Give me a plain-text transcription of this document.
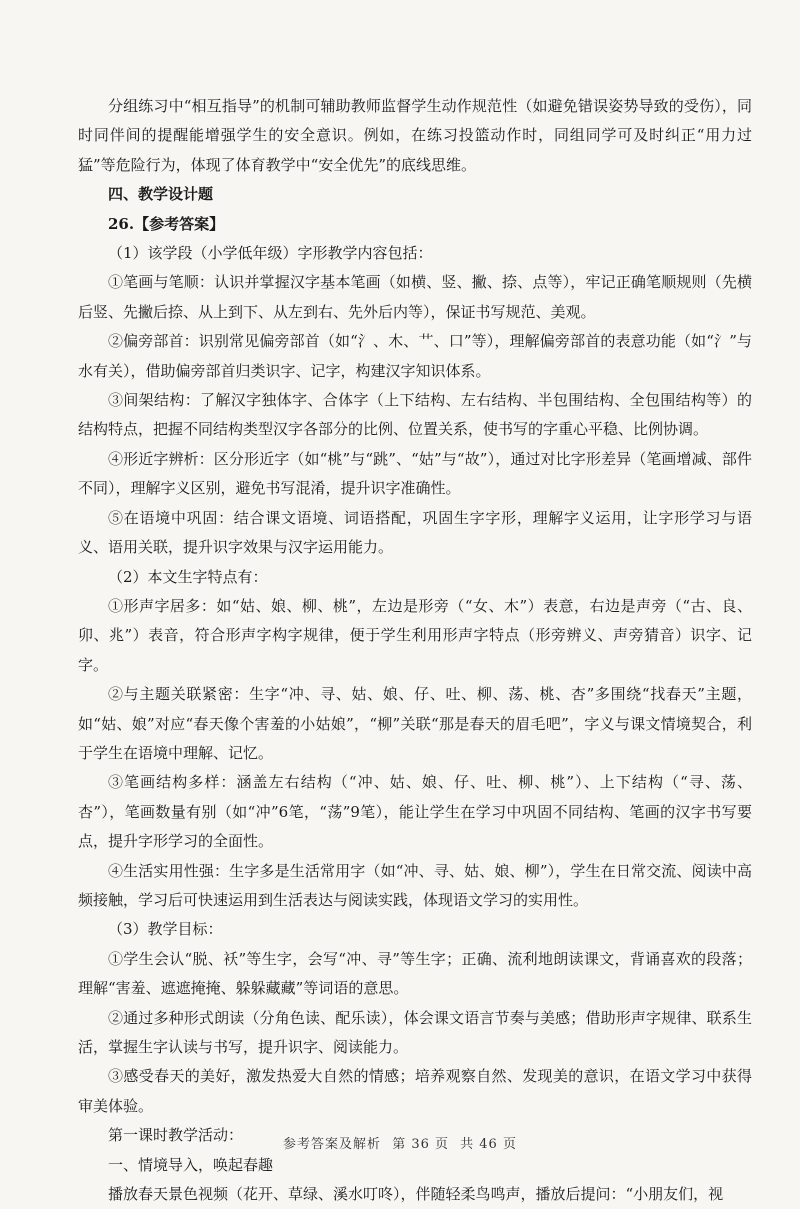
分组练习中“相互指导”的机制可辅助教师监督学生动作规范性（如避免错误姿势导致的受伤），同时同伴间的提醒能增强学生的安全意识。例如，在练习投篮动作时，同组同学可及时纠正“用力过猛”等危险行为，体现了体育教学中“安全优先”的底线思维。

四、教学设计题

26.【参考答案】

（1）该学段（小学低年级）字形教学内容包括：

①笔画与笔顺：认识并掌握汉字基本笔画（如横、竖、撇、捺、点等），牢记正确笔顺规则（先横后竖、先撇后捺、从上到下、从左到右、先外后内等），保证书写规范、美观。

②偏旁部首：识别常见偏旁部首（如“氵、木、艹、口”等），理解偏旁部首的表意功能（如“氵”与水有关），借助偏旁部首归类识字、记字，构建汉字知识体系。

③间架结构：了解汉字独体字、合体字（上下结构、左右结构、半包围结构、全包围结构等）的结构特点，把握不同结构类型汉字各部分的比例、位置关系，使书写的字重心平稳、比例协调。

④形近字辨析：区分形近字（如“桃”与“跳”、“姑”与“故”），通过对比字形差异（笔画增减、部件不同），理解字义区别，避免书写混淆，提升识字准确性。

⑤在语境中巩固：结合课文语境、词语搭配，巩固生字字形，理解字义运用，让字形学习与语义、语用关联，提升识字效果与汉字运用能力。

（2）本文生字特点有：

①形声字居多：如“姑、娘、柳、桃”，左边是形旁（“女、木”）表意，右边是声旁（“古、良、卯、兆”）表音，符合形声字构字规律，便于学生利用形声字特点（形旁辨义、声旁猜音）识字、记字。

②与主题关联紧密：生字“冲、寻、姑、娘、仔、吐、柳、荡、桃、杏”多围绕“找春天”主题，如“姑、娘”对应“春天像个害羞的小姑娘”，“柳”关联“那是春天的眉毛吧”，字义与课文情境契合，利于学生在语境中理解、记忆。

③笔画结构多样：涵盖左右结构（“冲、姑、娘、仔、吐、柳、桃”）、上下结构（“寻、荡、杏”），笔画数量有别（如“冲”6笔，“荡”9笔），能让学生在学习中巩固不同结构、笔画的汉字书写要点，提升字形学习的全面性。

④生活实用性强：生字多是生活常用字（如“冲、寻、姑、娘、柳”），学生在日常交流、阅读中高频接触，学习后可快速运用到生活表达与阅读实践，体现语文学习的实用性。

（3）教学目标：

①学生会认“脱、袄”等生字，会写“冲、寻”等生字；正确、流利地朗读课文，背诵喜欢的段落；理解“害羞、遮遮掩掩、躲躲藏藏”等词语的意思。

②通过多种形式朗读（分角色读、配乐读），体会课文语言节奏与美感；借助形声字规律、联系生活，掌握生字认读与书写，提升识字、阅读能力。

③感受春天的美好，激发热爱大自然的情感；培养观察自然、发现美的意识，在语文学习中获得审美体验。

第一课时教学活动：

一、情境导入，唤起春趣

播放春天景色视频（花开、草绿、溪水叮咚），伴随轻柔鸟鸣声，播放后提问：“小朋友们，视

参考答案及解析 第 36 页 共 46 页
